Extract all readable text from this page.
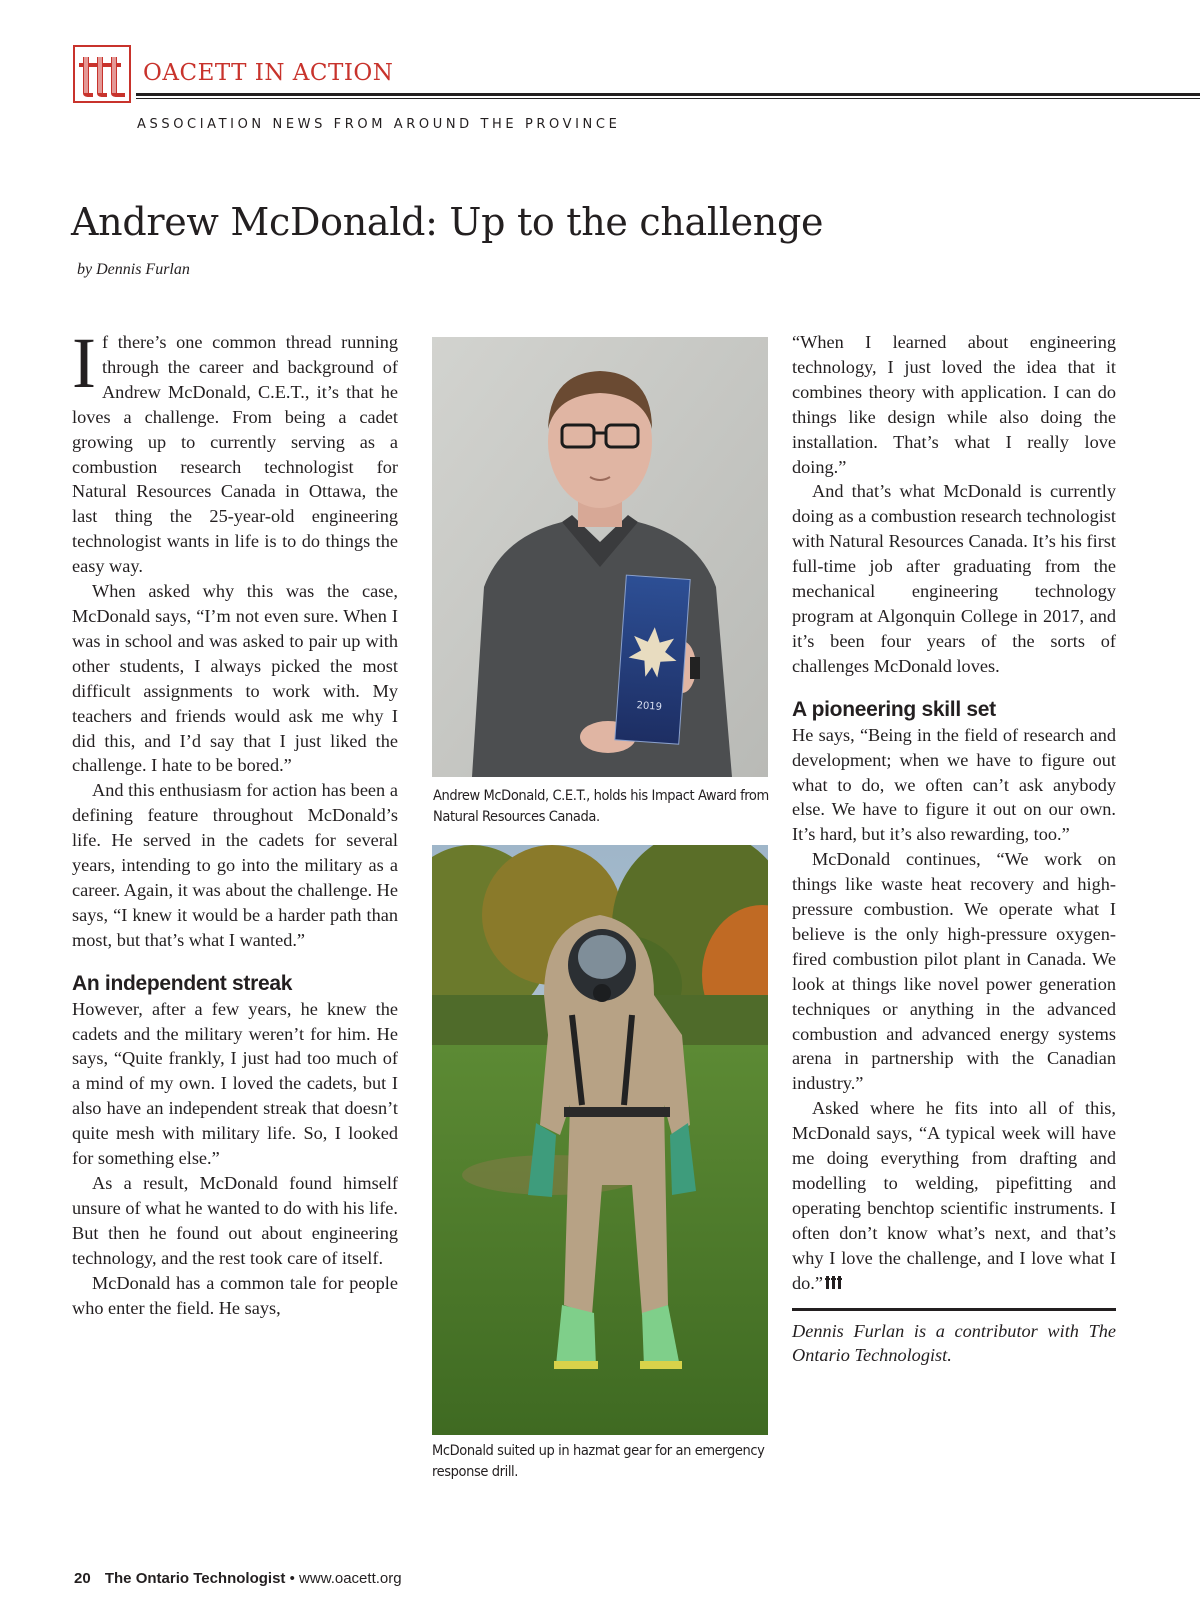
OACETT IN ACTION
ASSOCIATION NEWS FROM AROUND THE PROVINCE
Andrew McDonald: Up to the challenge
by Dennis Furlan

If there’s one common thread running through the career and background of Andrew McDonald, C.E.T., it’s that he loves a challenge. From being a cadet growing up to currently serving as a combustion research technologist for Natural Resources Canada in Ottawa, the last thing the 25-year-old engineering technologist wants in life is to do things the easy way.

When asked why this was the case, McDonald says, “I’m not even sure. When I was in school and was asked to pair up with other students, I always picked the most difficult assignments to work with. My teachers and friends would ask me why I did this, and I’d say that I just liked the challenge. I hate to be bored.”

And this enthusiasm for action has been a defining feature throughout McDonald’s life. He served in the cadets for several years, intending to go into the military as a career. Again, it was about the challenge. He says, “I knew it would be a harder path than most, but that’s what I wanted.”

An independent streak

However, after a few years, he knew the cadets and the military weren’t for him. He says, “Quite frankly, I just had too much of a mind of my own. I loved the cadets, but I also have an independent streak that doesn’t quite mesh with military life. So, I looked for something else.”

As a result, McDonald found himself unsure of what he wanted to do with his life. But then he found out about engineering technology, and the rest took care of itself.

McDonald has a common tale for people who enter the field. He says,

2019
Andrew McDonald, C.E.T., holds his Impact Award from Natural Resources Canada.
McDonald suited up in hazmat gear for an emergency response drill.

“When I learned about engineering technology, I just loved the idea that it combines theory with application. I can do things like design while also doing the installation. That’s what I really love doing.”

And that’s what McDonald is currently doing as a combustion research technologist with Natural Resources Canada. It’s his first full-time job after graduating from the mechanical engineering technology program at Algonquin College in 2017, and it’s been four years of the sorts of challenges McDonald loves.

A pioneering skill set

He says, “Being in the field of research and development; when we have to figure out what to do, we often can’t ask anybody else. We have to figure it out on our own. It’s hard, but it’s also rewarding, too.”

McDonald continues, “We work on things like waste heat recovery and high-pressure combustion. We operate what I believe is the only high-pressure oxygen-fired combustion pilot plant in Canada. We look at things like novel power generation techniques or anything in the advanced combustion and advanced energy systems arena in partnership with the Canadian industry.”

Asked where he fits into all of this, McDonald says, “A typical week will have me doing everything from drafting and modelling to welding, pipefitting and operating benchtop scientific instruments. I often don’t know what’s next, and that’s why I love the challenge, and I love what I do.”

Dennis Furlan is a contributor with The Ontario Technologist.

20 The Ontario Technologist • www.oacett.org
